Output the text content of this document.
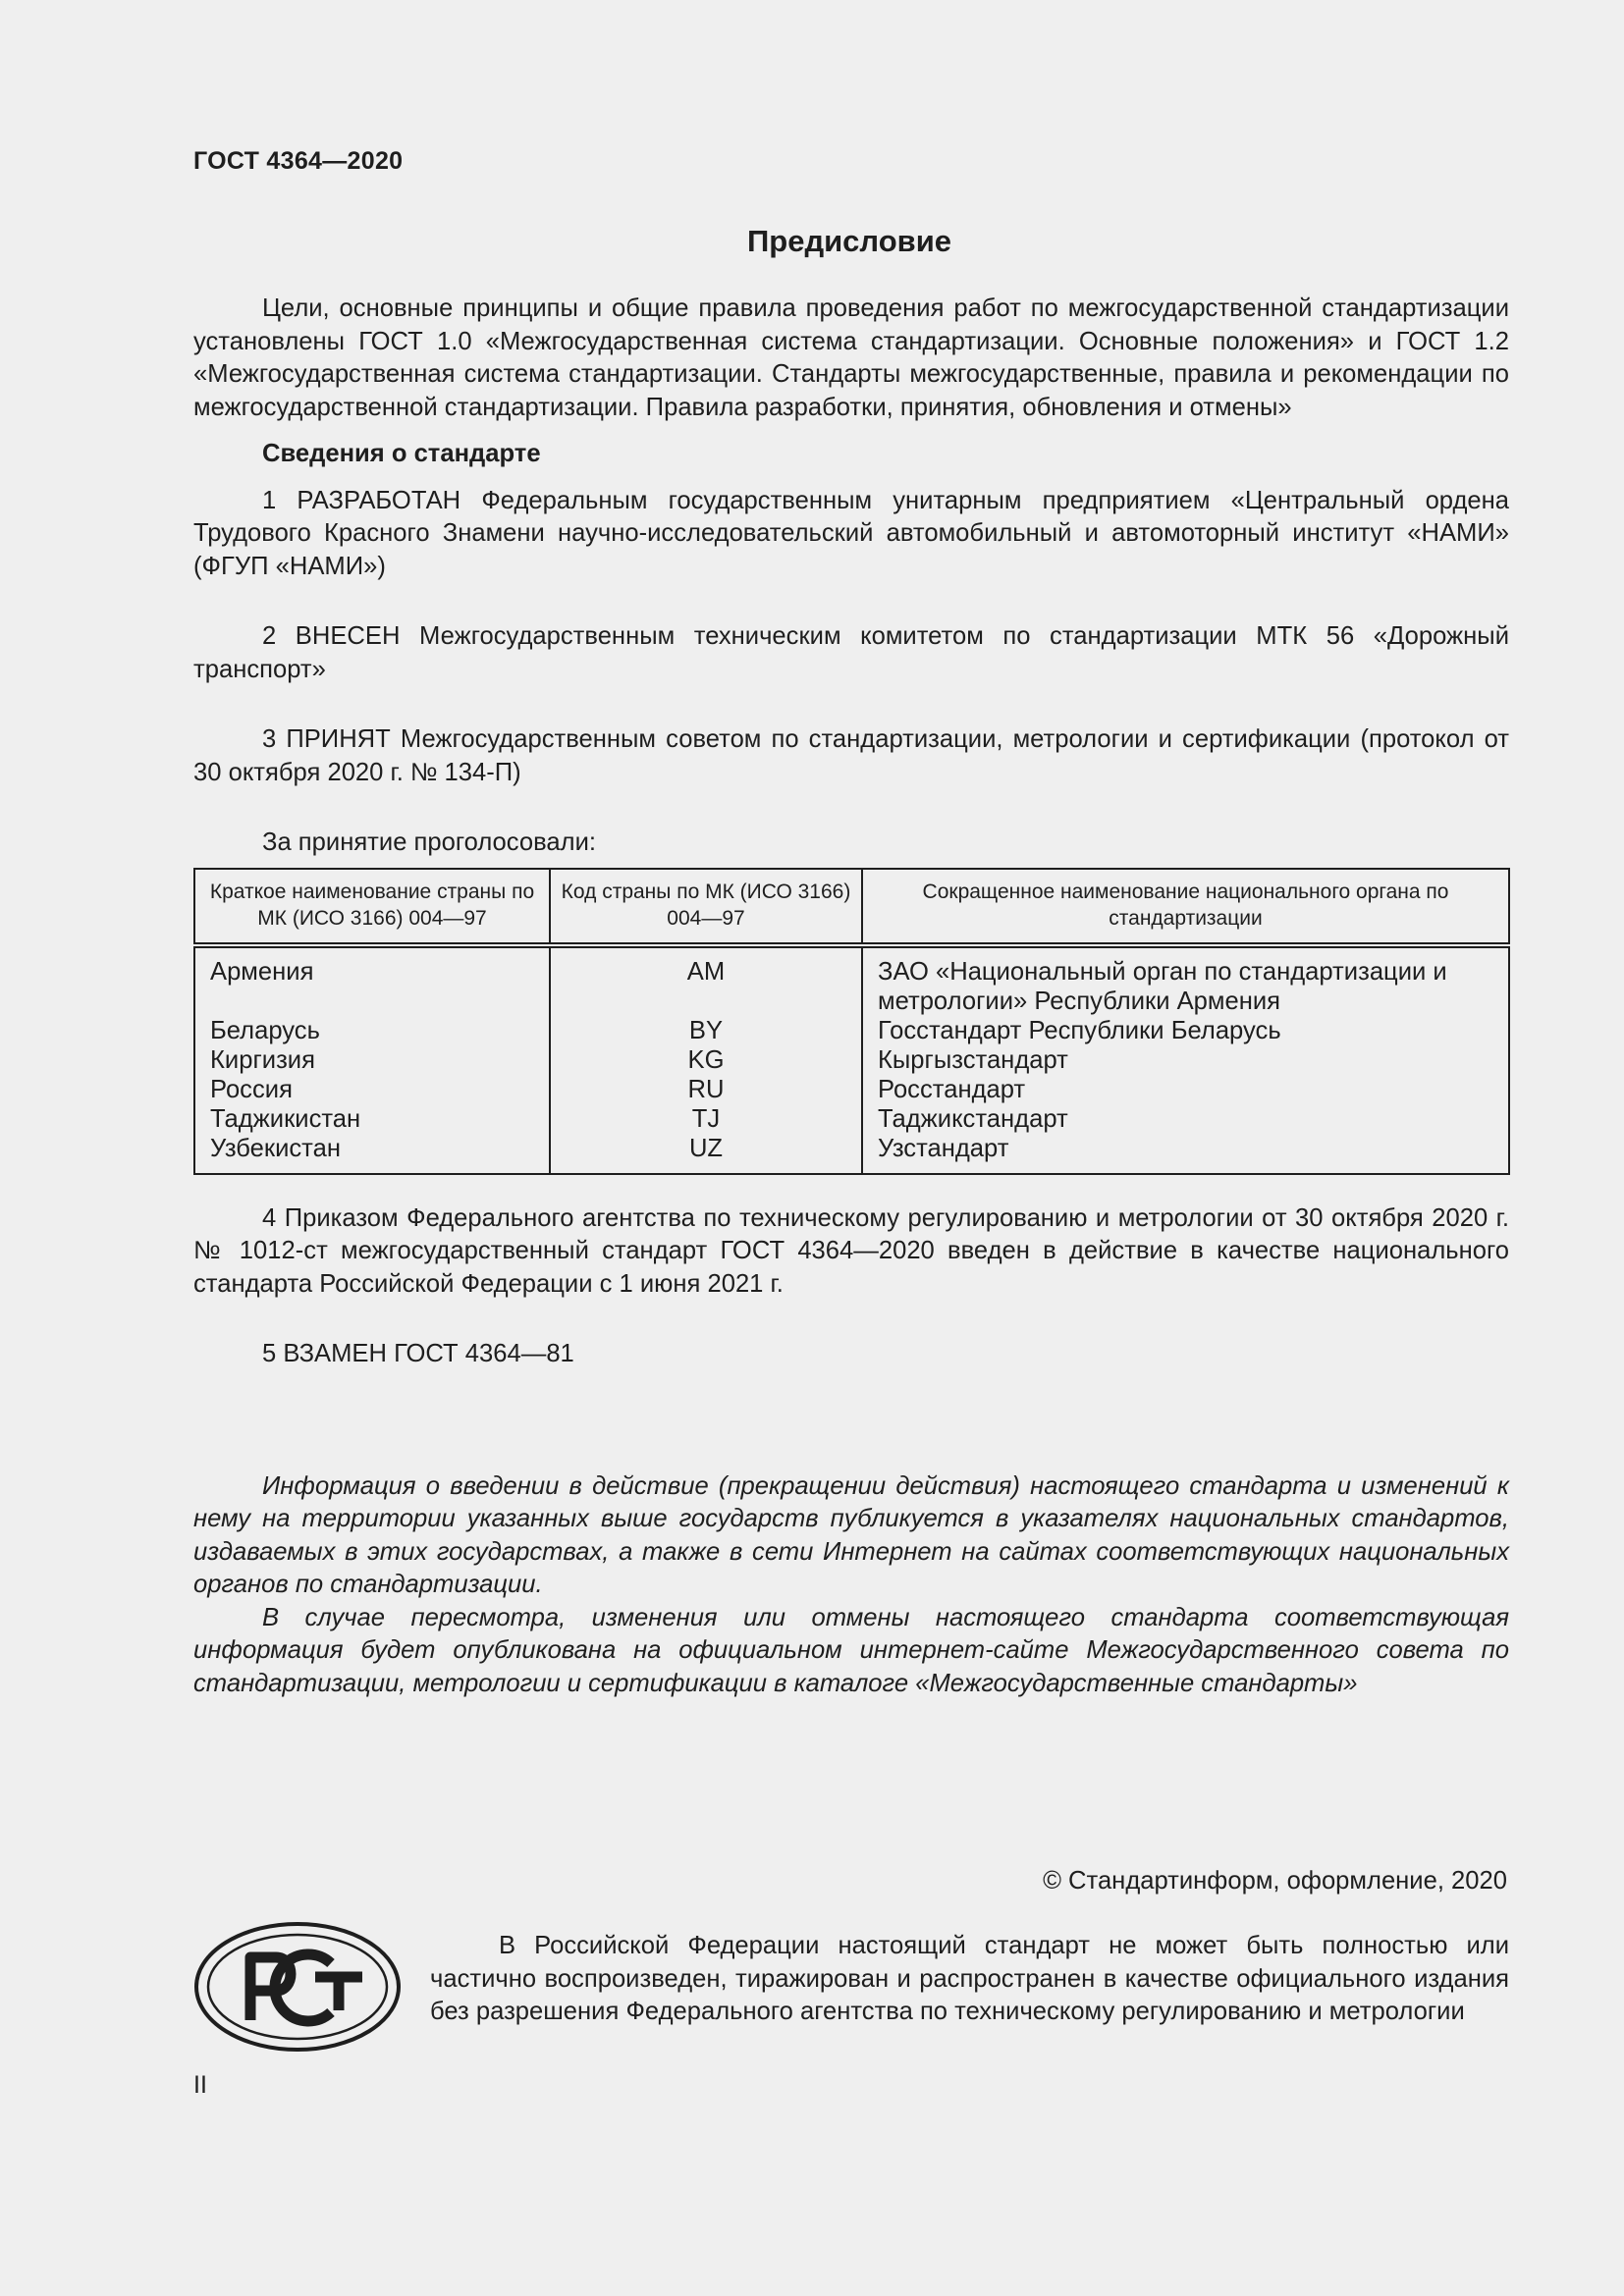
ГОСТ 4364—2020
Предисловие

Цели, основные принципы и общие правила проведения работ по межгосударственной стандартизации установлены ГОСТ 1.0 «Межгосударственная система стандартизации. Основные положения» и ГОСТ 1.2 «Межгосударственная система стандартизации. Стандарты межгосударственные, правила и рекомендации по межгосударственной стандартизации. Правила разработки, принятия, обновления и отмены»

Сведения о стандарте

1 РАЗРАБОТАН Федеральным государственным унитарным предприятием «Центральный ордена Трудового Красного Знамени научно-исследовательский автомобильный и автомоторный институт «НАМИ» (ФГУП «НАМИ»)

2 ВНЕСЕН Межгосударственным техническим комитетом по стандартизации МТК 56 «Дорожный транспорт»

3 ПРИНЯТ Межгосударственным советом по стандартизации, метрологии и сертификации (протокол от 30 октября 2020 г. № 134-П)

За принятие проголосовали:

Краткое наименование страны по МК (ИСО 3166) 004—97	Код страны по МК (ИСО 3166) 004—97	Сокращенное наименование национального органа по стандартизации
Армения	AM	ЗАО «Национальный орган по стандартизации и метрологии» Республики Армения
Беларусь	BY	Госстандарт Республики Беларусь
Киргизия	KG	Кыргызстандарт
Россия	RU	Росстандарт
Таджикистан	TJ	Таджикстандарт
Узбекистан	UZ	Узстандарт

4 Приказом Федерального агентства по техническому регулированию и метрологии от 30 октября 2020 г. № 1012-ст межгосударственный стандарт ГОСТ 4364—2020 введен в действие в качестве национального стандарта Российской Федерации с 1 июня 2021 г.

5 ВЗАМЕН ГОСТ 4364—81

Информация о введении в действие (прекращении действия) настоящего стандарта и изменений к нему на территории указанных выше государств публикуется в указателях национальных стандартов, издаваемых в этих государствах, а также в сети Интернет на сайтах соответствующих национальных органов по стандартизации.

В случае пересмотра, изменения или отмены настоящего стандарта соответствующая информация будет опубликована на официальном интернет-сайте Межгосударственного совета по стандартизации, метрологии и сертификации в каталоге «Межгосударственные стандарты»

© Стандартинформ, оформление, 2020
В Российской Федерации настоящий стандарт не может быть полностью или частично воспроизведен, тиражирован и распространен в качестве официального издания без разрешения Федерального агентства по техническому регулированию и метрологии
II
